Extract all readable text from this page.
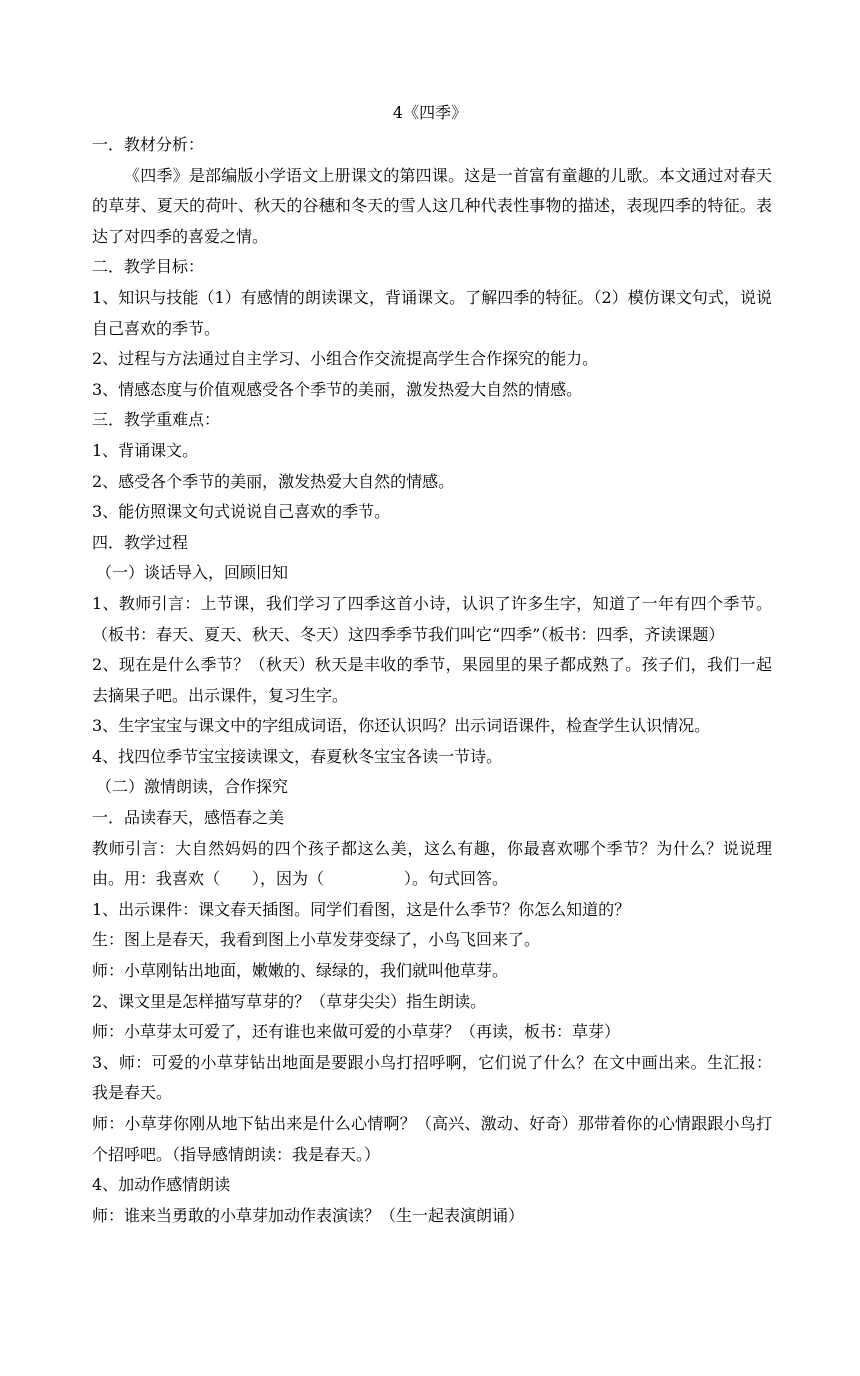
4《四季》

一．教材分析：

《四季》是部编版小学语文上册课文的第四课。这是一首富有童趣的儿歌。本文通过对春天的草芽、夏天的荷叶、秋天的谷穗和冬天的雪人这几种代表性事物的描述，表现四季的特征。表达了对四季的喜爱之情。

二．教学目标：

1、知识与技能（1）有感情的朗读课文，背诵课文。了解四季的特征。（2）模仿课文句式，说说自己喜欢的季节。

2、过程与方法通过自主学习、小组合作交流提高学生合作探究的能力。

3、情感态度与价值观感受各个季节的美丽，激发热爱大自然的情感。

三．教学重难点：

1、背诵课文。

2、感受各个季节的美丽，激发热爱大自然的情感。

3、能仿照课文句式说说自己喜欢的季节。

四．教学过程

（一）谈话导入，回顾旧知

1、教师引言：上节课，我们学习了四季这首小诗，认识了许多生字，知道了一年有四个季节。（板书：春天、夏天、秋天、冬天）这四季季节我们叫它“四季”（板书：四季，齐读课题）

2、现在是什么季节？（秋天）秋天是丰收的季节，果园里的果子都成熟了。孩子们，我们一起去摘果子吧。出示课件，复习生字。

3、生字宝宝与课文中的字组成词语，你还认识吗？出示词语课件，检查学生认识情况。

4、找四位季节宝宝接读课文，春夏秋冬宝宝各读一节诗。

（二）激情朗读，合作探究

一．品读春天，感悟春之美

教师引言：大自然妈妈的四个孩子都这么美，这么有趣，你最喜欢哪个季节？为什么？说说理由。用：我喜欢（　　），因为（　　　　　）。句式回答。

1、出示课件：课文春天插图。同学们看图，这是什么季节？你怎么知道的？

生：图上是春天，我看到图上小草发芽变绿了，小鸟飞回来了。

师：小草刚钻出地面，嫩嫩的、绿绿的，我们就叫他草芽。

2、课文里是怎样描写草芽的？（草芽尖尖）指生朗读。

师：小草芽太可爱了，还有谁也来做可爱的小草芽？（再读，板书：草芽）

3、师：可爱的小草芽钻出地面是要跟小鸟打招呼啊，它们说了什么？在文中画出来。生汇报：我是春天。

师：小草芽你刚从地下钻出来是什么心情啊？（高兴、激动、好奇）那带着你的心情跟跟小鸟打个招呼吧。（指导感情朗读：我是春天。）

4、加动作感情朗读

师：谁来当勇敢的小草芽加动作表演读？（生一起表演朗诵）
